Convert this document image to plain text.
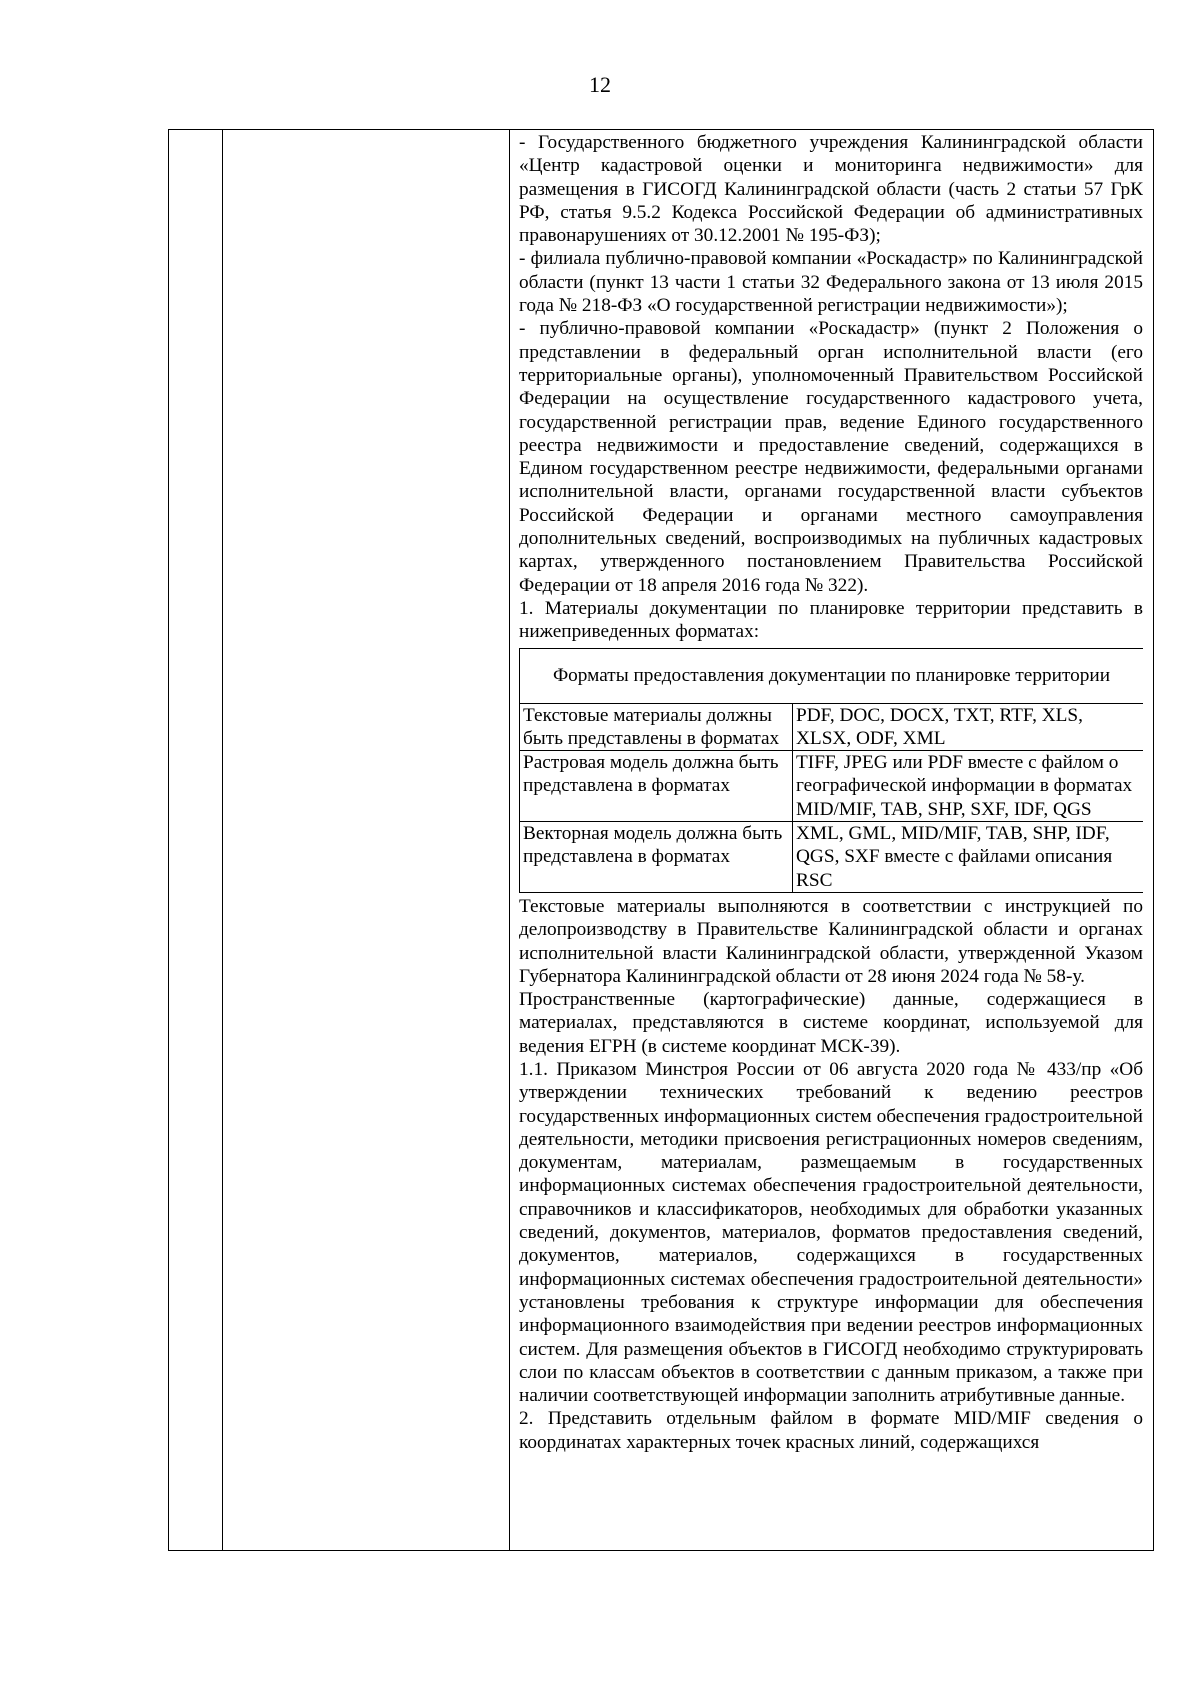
12

- Государственного бюджетного учреждения Калининградской области «Центр кадастровой оценки и мониторинга недвижимости» для размещения в ГИСОГД Калининградской области (часть 2 статьи 57 ГрК РФ, статья 9.5.2 Кодекса Российской Федерации об административных правонарушениях от 30.12.2001 № 195-ФЗ);

- филиала публично-правовой компании «Роскадастр» по Калининградской области (пункт 13 части 1 статьи 32 Федерального закона от 13 июля 2015 года № 218-ФЗ «О государственной регистрации недвижимости»);

- публично-правовой компании «Роскадастр» (пункт 2 Положения о представлении в федеральный орган исполнительной власти (его территориальные органы), уполномоченный Правительством Российской Федерации на осуществление государственного кадастрового учета, государственной регистрации прав, ведение Единого государственного реестра недвижимости и предоставление сведений, содержащихся в Едином государственном реестре недвижимости, федеральными органами исполнительной власти, органами государственной власти субъектов Российской Федерации и органами местного самоуправления дополнительных сведений, воспроизводимых на публичных кадастровых картах, утвержденного постановлением Правительства Российской Федерации от 18 апреля 2016 года № 322).

1. Материалы документации по планировке территории представить в нижеприведенных форматах:

Форматы предоставления документации по планировке территории	
Текстовые материалы должны быть представлены в форматах	PDF, DOC, DOCX, TXT, RTF, XLS, XLSX, ODF, XML
Растровая модель должна быть представлена в форматах	TIFF, JPEG или PDF вместе с файлом о географической информации в форматах MID/MIF, TAB, SHP, SXF, IDF, QGS
Векторная модель должна быть представлена в форматах	XML, GML, MID/MIF, TAB, SHP, IDF, QGS, SXF вместе с файлами описания RSC

Текстовые материалы выполняются в соответствии с инструкцией по делопроизводству в Правительстве Калининградской области и органах исполнительной власти Калининградской области, утвержденной Указом Губернатора Калининградской области от 28 июня 2024 года № 58-у.

Пространственные (картографические) данные, содержащиеся в материалах, представляются в системе координат, используемой для ведения ЕГРН (в системе координат МСК-39).

1.1. Приказом Минстроя России от 06 августа 2020 года № 433/пр «Об утверждении технических требований к ведению реестров государственных информационных систем обеспечения градостроительной деятельности, методики присвоения регистрационных номеров сведениям, документам, материалам, размещаемым в государственных информационных системах обеспечения градостроительной деятельности, справочников и классификаторов, необходимых для обработки указанных сведений, документов, материалов, форматов предоставления сведений, документов, материалов, содержащихся в государственных информационных системах обеспечения градостроительной деятельности» установлены требования к структуре информации для обеспечения информационного взаимодействия при ведении реестров информационных систем. Для размещения объектов в ГИСОГД необходимо структурировать слои по классам объектов в соответствии с данным приказом, а также при наличии соответствующей информации заполнить атрибутивные данные.

2. Представить отдельным файлом в формате MID/MIF сведения о координатах характерных точек красных линий, содержащихся
